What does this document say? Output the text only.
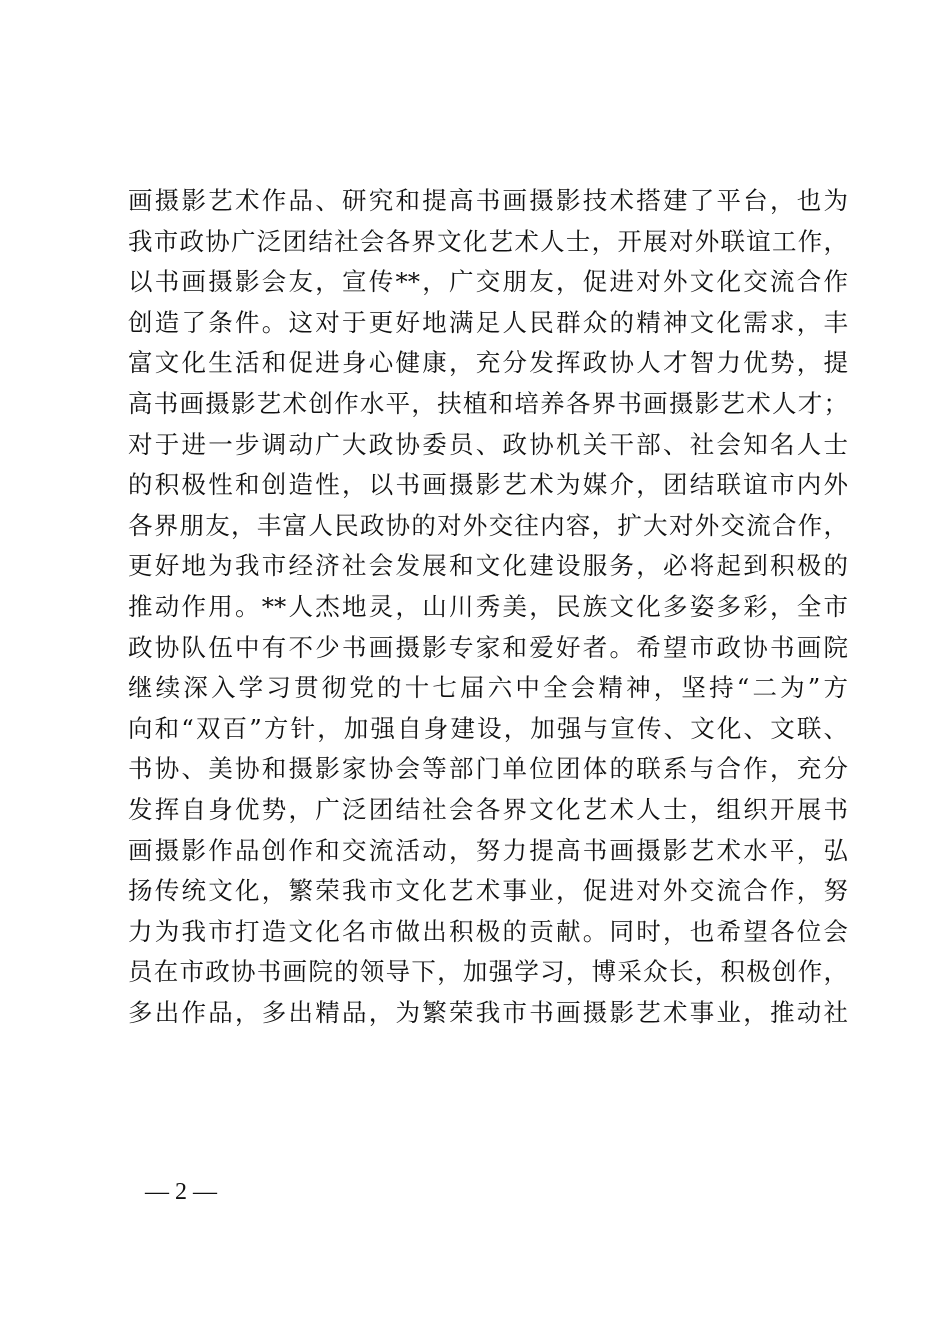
画摄影艺术作品、研究和提高书画摄影技术搭建了平台，也为
我市政协广泛团结社会各界文化艺术人士，开展对外联谊工作，
以书画摄影会友，宣传**，广交朋友，促进对外文化交流合作
创造了条件。这对于更好地满足人民群众的精神文化需求，丰
富文化生活和促进身心健康，充分发挥政协人才智力优势，提
高书画摄影艺术创作水平，扶植和培养各界书画摄影艺术人才；
对于进一步调动广大政协委员、政协机关干部、社会知名人士
的积极性和创造性，以书画摄影艺术为媒介，团结联谊市内外
各界朋友，丰富人民政协的对外交往内容，扩大对外交流合作，
更好地为我市经济社会发展和文化建设服务，必将起到积极的
推动作用。**人杰地灵，山川秀美，民族文化多姿多彩，全市
政协队伍中有不少书画摄影专家和爱好者。希望市政协书画院
继续深入学习贯彻党的十七届六中全会精神，坚持“二为”方
向和“双百”方针，加强自身建设，加强与宣传、文化、文联、
书协、美协和摄影家协会等部门单位团体的联系与合作，充分
发挥自身优势，广泛团结社会各界文化艺术人士，组织开展书
画摄影作品创作和交流活动，努力提高书画摄影艺术水平，弘
扬传统文化，繁荣我市文化艺术事业，促进对外交流合作，努
力为我市打造文化名市做出积极的贡献。同时，也希望各位会
员在市政协书画院的领导下，加强学习，博采众长，积极创作，
多出作品，多出精品，为繁荣我市书画摄影艺术事业，推动社
— 2 —
